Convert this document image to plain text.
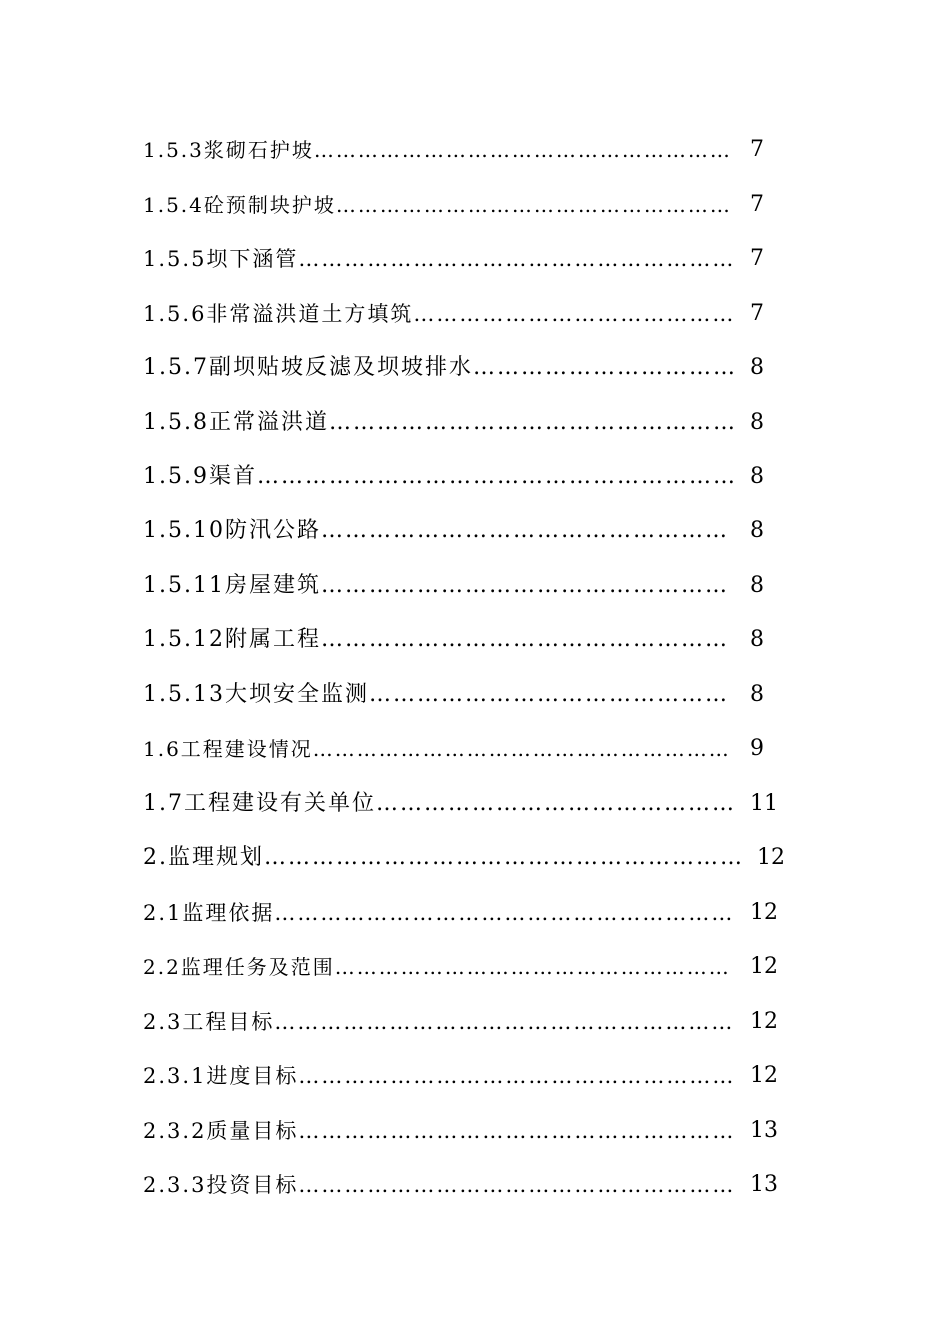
1.5.3浆砌石护坡………………………………………………… 7
1.5.4砼预制块护坡……………………………………………… 7
1.5.5坝下涵管………………………………………………… 7
1.5.6非常溢洪道土方填筑…………………………………… 7
1.5.7副坝贴坡反滤及坝坡排水…………………………… 8
1.5.8正常溢洪道…………………………………………… 8
1.5.9渠首…………………………………………………… 8
1.5.10防汛公路…………………………………………… 8
1.5.11房屋建筑…………………………………………… 8
1.5.12附属工程…………………………………………… 8
1.5.13大坝安全监测……………………………………… 8
1.6工程建设情况………………………………………………… 9
1.7工程建设有关单位……………………………………… 11
2.监理规划…………………………………………………… 12
2.1监理依据…………………………………………………… 12
2.2监理任务及范围……………………………………………… 12
2.3工程目标…………………………………………………… 12
2.3.1进度目标………………………………………………… 12
2.3.2质量目标………………………………………………… 13
2.3.3投资目标………………………………………………… 13
